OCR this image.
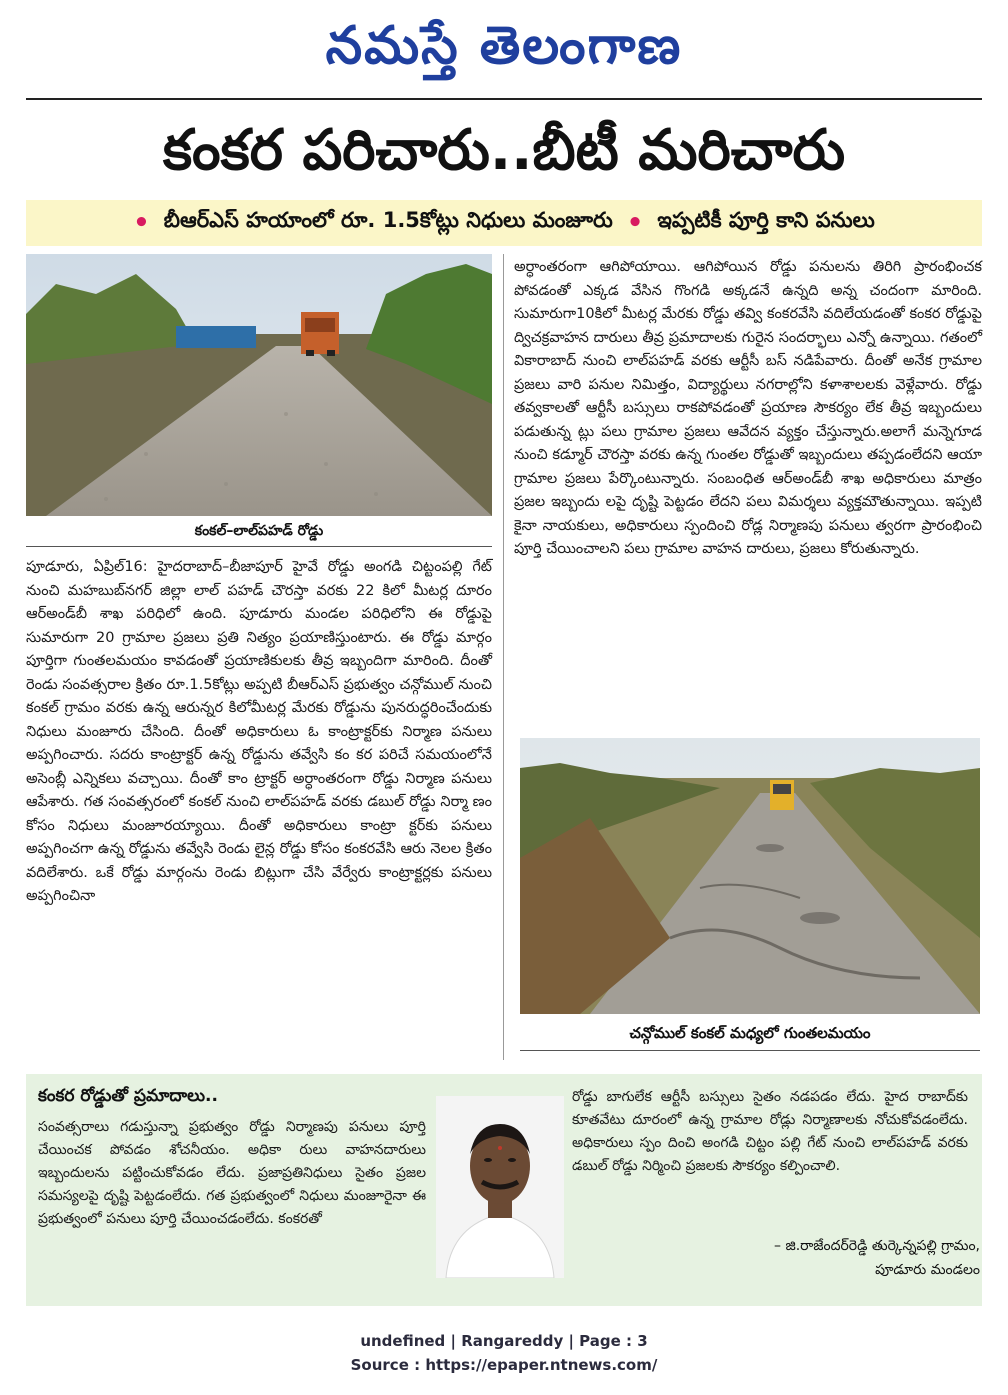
నమస్తే తెలంగాణ
కంకర పరిచారు..బీటీ మరిచారు
• బీఆర్ఎస్ హయాంలో రూ. 1.5కోట్లు నిధులు మంజూరు • ఇప్పటికీ పూర్తి కాని పనులు
కంకల్–లాల్‌పహడ్ రోడ్డు
పూడూరు, ఏప్రిల్16: హైదరాబాద్–బీజాపూర్ హైవే రోడ్డు అంగడి చిట్టంపల్లి గేట్ నుంచి మహబుబ్‌నగర్ జిల్లా లాల్ పహడ్ చౌరస్తా వరకు 22 కిలో మీటర్ల దూరం ఆర్అండ్‌బీ శాఖ పరిధిలో ఉంది. పూడూరు మండల పరిధిలోని ఈ రోడ్డుపై సుమారుగా 20 గ్రామాల ప్రజలు ప్రతి నిత్యం ప్రయాణిస్తుంటారు. ఈ రోడ్డు మార్గం పూర్తిగా గుంతలమయం కావడంతో ప్రయాణికులకు తీవ్ర ఇబ్బందిగా మారింది. దీంతో రెండు సంవత్సరాల క్రితం రూ.1.5కోట్లు అప్పటి బీఆర్ఎస్ ప్రభుత్వం చన్గోముల్ నుంచి కంకల్ గ్రామం వరకు ఉన్న ఆరున్నర కిలోమీటర్ల మేరకు రోడ్డును పునరుద్ధరించేందుకు నిధులు మంజూరు చేసింది. దీంతో అధికారులు ఓ కాంట్రాక్టర్‌కు నిర్మాణ పనులు అప్పగించారు. సదరు కాంట్రాక్టర్ ఉన్న రోడ్డును తవ్వేసి కం కర పరిచే సమయంలోనే అసెంబ్లీ ఎన్నికలు వచ్చాయి. దీంతో కాం ట్రాక్టర్ అర్ధాంతరంగా రోడ్డు నిర్మాణ పనులు ఆపేశారు. గత సంవత్సరంలో కంకల్ నుంచి లాల్‌పహడ్ వరకు డబుల్ రోడ్డు నిర్మా ణం కోసం నిధులు మంజూరయ్యాయి. దీంతో అధికారులు కాంట్రా క్టర్‌కు పనులు అప్పగించగా ఉన్న రోడ్డును తవ్వేసి రెండు లైన్ల రోడ్డు కోసం కంకరవేసి ఆరు నెలల క్రితం వదిలేశారు. ఒకే రోడ్డు మార్గంను రెండు బిట్లుగా చేసి వేర్వేరు కాంట్రాక్టర్లకు పనులు అప్పగించినా
అర్ధాంతరంగా ఆగిపోయాయి. ఆగిపోయిన రోడ్డు పనులను తిరిగి ప్రారంభించక పోవడంతో ఎక్కడ వేసిన గొంగడి అక్కడనే ఉన్నది అన్న చందంగా మారింది. సుమారుగా10కిలో మీటర్ల మేరకు రోడ్డు తవ్వి కంకరవేసి వదిలేయడంతో కంకర రోడ్డుపై ద్విచక్రవాహన దారులు తీవ్ర ప్రమాదాలకు గురైన సందర్భాలు ఎన్నో ఉన్నాయి. గతంలో వికారాబాద్ నుంచి లాల్‌పహడ్ వరకు ఆర్టీసీ బస్ నడిపేవారు. దీంతో అనేక గ్రామాల ప్రజలు వారి పనుల నిమిత్తం, విద్యార్థులు నగరాల్లోని కళాశాలలకు వెళ్లేవారు. రోడ్డు తవ్వకాలతో ఆర్టీసీ బస్సులు రాకపోవడంతో ప్రయాణ సౌకర్యం లేక తీవ్ర ఇబ్బందులు పడుతున్న ట్లు పలు గ్రామాల ప్రజలు ఆవేదన వ్యక్తం చేస్తున్నారు.అలాగే మన్నెగూడ నుంచి కడ్మూర్ చౌరస్తా వరకు ఉన్న గుంతల రోడ్డుతో ఇబ్బందులు తప్పడంలేదని ఆయా గ్రామాల ప్రజలు పేర్కొంటున్నారు. సంబంధిత ఆర్అండ్‌బీ శాఖ అధికారులు మాత్రం ప్రజల ఇబ్బందు లపై దృష్టి పెట్టడం లేదని పలు విమర్శలు వ్యక్తమౌతున్నాయి. ఇప్పటి కైనా నాయకులు, అధికారులు స్పందించి రోడ్ల నిర్మాణపు పనులు త్వరగా ప్రారంభించి పూర్తి చేయించాలని పలు గ్రామాల వాహన దారులు, ప్రజలు కోరుతున్నారు.
చన్గోముల్ కంకల్ మధ్యలో గుంతలమయం
కంకర రోడ్డుతో ప్రమాదాలు..
సంవత్సరాలు గడుస్తున్నా ప్రభుత్వం రోడ్డు నిర్మాణపు పనులు పూర్తి చేయించక పోవడం శోచనీయం. అధికా రులు వాహనదారులు ఇబ్బందులను పట్టించుకోవడం లేదు. ప్రజాప్రతినిధులు సైతం ప్రజల సమస్యలపై దృష్టి పెట్టడంలేదు. గత ప్రభుత్వంలో నిధులు మంజూరైనా ఈ ప్రభుత్వంలో పనులు పూర్తి చేయించడంలేదు. కంకరతో
రోడ్డు బాగులేక ఆర్టీసీ బస్సులు సైతం నడపడం లేదు. హైద రాబాద్‌కు కూతవేటు దూరంలో ఉన్న గ్రామాల రోడ్లు నిర్మాణాలకు నోచుకోవడంలేదు. అధికారులు స్పం దించి అంగడి చిట్టం పల్లి గేట్ నుంచి లాల్‌పహడ్ వరకు డబుల్ రోడ్డు నిర్మించి ప్రజలకు సౌకర్యం కల్పించాలి.
– జి.రాజేందర్‌రెడ్డి తుర్కెన్నపల్లి గ్రామం,
పూడూరు మండలం
undefined | Rangareddy | Page : 3
Source : https://epaper.ntnews.com/
